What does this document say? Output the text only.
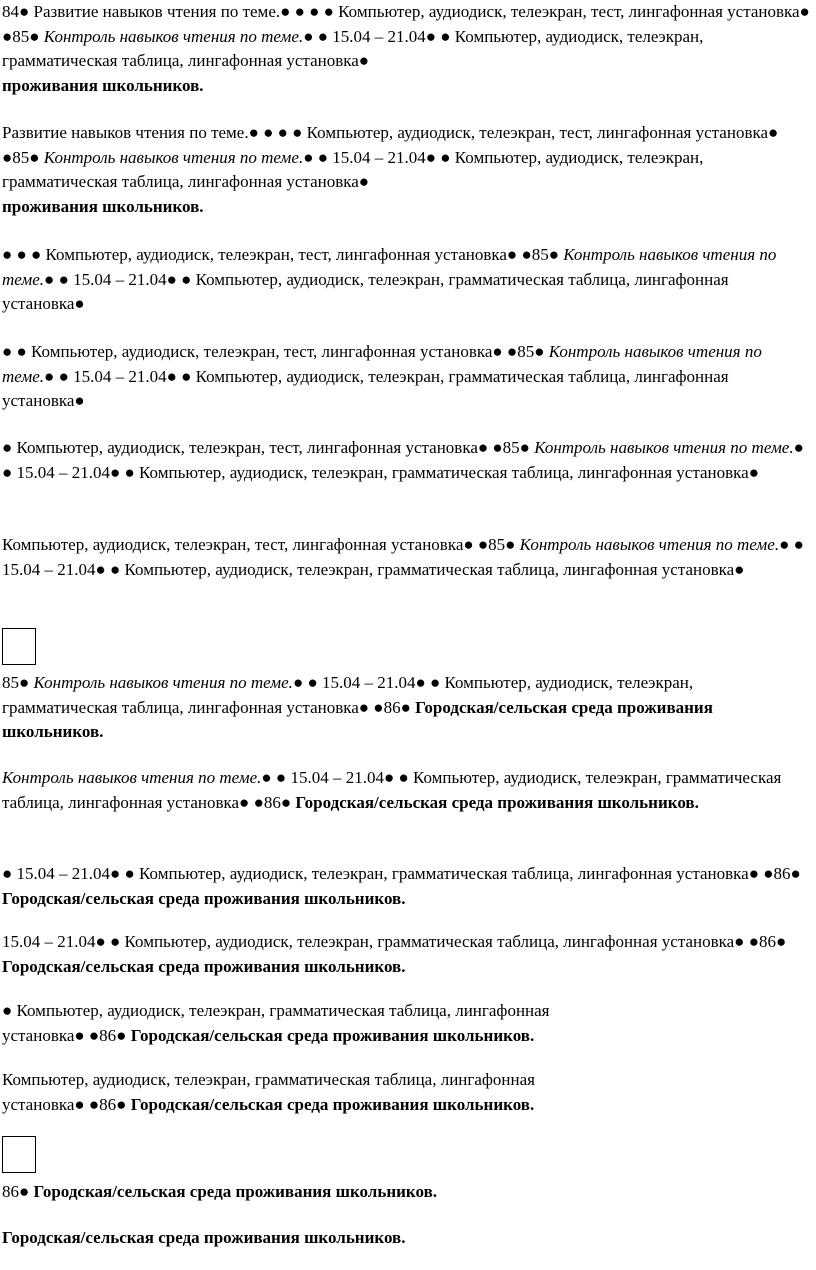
84● Развитие навыков чтения по теме.● ● ● ● Компьютер, аудиодиск, телеэкран, тест, лингафонная установка● ●85● Контроль навыков чтения по теме.● ● 15.04 – 21.04● ● Компьютер, аудиодиск, телеэкран, грамматическая таблица, лингафонная установка●
проживания школьников.
Развитие навыков чтения по теме.● ● ● ● Компьютер, аудиодиск, телеэкран, тест, лингафонная установка● ●85● Контроль навыков чтения по теме.● ● 15.04 – 21.04● ● Компьютер, аудиодиск, телеэкран, грамматическая таблица, лингафонная установка●
проживания школьников.
● ● ● Компьютер, аудиодиск, телеэкран, тест, лингафонная установка● ●85● Контроль навыков чтения по теме.● ● 15.04 – 21.04● ● Компьютер, аудиодиск, телеэкран, грамматическая таблица, лингафонная установка●
● ● Компьютер, аудиодиск, телеэкран, тест, лингафонная установка● ●85● Контроль навыков чтения по теме.● ● 15.04 – 21.04● ● Компьютер, аудиодиск, телеэкран, грамматическая таблица, лингафонная установка●
● Компьютер, аудиодиск, телеэкран, тест, лингафонная установка● ●85● Контроль навыков чтения по теме.● ● 15.04 – 21.04● ● Компьютер, аудиодиск, телеэкран, грамматическая таблица, лингафонная установка●
Компьютер, аудиодиск, телеэкран, тест, лингафонная установка● ●85● Контроль навыков чтения по теме.● ● 15.04 – 21.04● ● Компьютер, аудиодиск, телеэкран, грамматическая таблица, лингафонная установка●
85● Контроль навыков чтения по теме.● ● 15.04 – 21.04● ● Компьютер, аудиодиск, телеэкран, грамматическая таблица, лингафонная установка● ●86● Городская/сельская среда проживания школьников.
Контроль навыков чтения по теме.● ● 15.04 – 21.04● ● Компьютер, аудиодиск, телеэкран, грамматическая таблица, лингафонная установка● ●86● Городская/сельская среда проживания школьников.
● 15.04 – 21.04● ● Компьютер, аудиодиск, телеэкран, грамматическая таблица, лингафонная установка● ●86● Городская/сельская среда проживания школьников.
15.04 – 21.04● ● Компьютер, аудиодиск, телеэкран, грамматическая таблица, лингафонная установка● ●86● Городская/сельская среда проживания школьников.
● Компьютер, аудиодиск, телеэкран, грамматическая таблица, лингафонная
установка● ●86● Городская/сельская среда проживания школьников.
Компьютер, аудиодиск, телеэкран, грамматическая таблица, лингафонная
установка● ●86● Городская/сельская среда проживания школьников.
86● Городская/сельская среда проживания школьников.
Городская/сельская среда проживания школьников.
